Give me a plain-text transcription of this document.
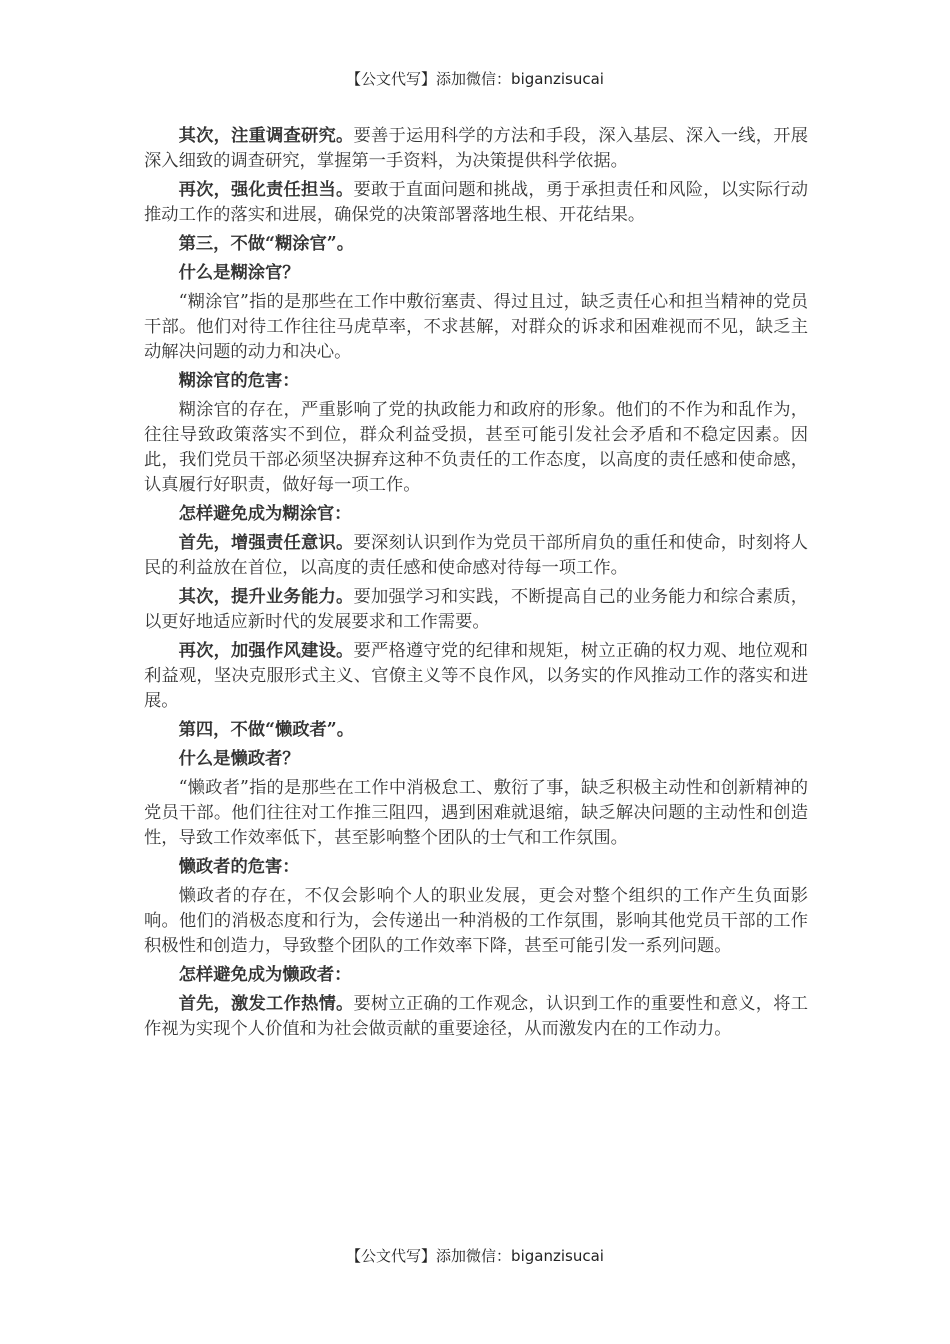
【公文代写】添加微信：biganzisucai

其次，注重调查研究。要善于运用科学的方法和手段，深入基层、深入一线，开展深入细致的调查研究，掌握第一手资料，为决策提供科学依据。

再次，强化责任担当。要敢于直面问题和挑战，勇于承担责任和风险，以实际行动推动工作的落实和进展，确保党的决策部署落地生根、开花结果。

第三，不做“糊涂官”。

什么是糊涂官？

“糊涂官”指的是那些在工作中敷衍塞责、得过且过，缺乏责任心和担当精神的党员干部。他们对待工作往往马虎草率，不求甚解，对群众的诉求和困难视而不见，缺乏主动解决问题的动力和决心。

糊涂官的危害：

糊涂官的存在，严重影响了党的执政能力和政府的形象。他们的不作为和乱作为，往往导致政策落实不到位，群众利益受损，甚至可能引发社会矛盾和不稳定因素。因此，我们党员干部必须坚决摒弃这种不负责任的工作态度，以高度的责任感和使命感，认真履行好职责，做好每一项工作。

怎样避免成为糊涂官：

首先，增强责任意识。要深刻认识到作为党员干部所肩负的重任和使命，时刻将人民的利益放在首位，以高度的责任感和使命感对待每一项工作。

其次，提升业务能力。要加强学习和实践，不断提高自己的业务能力和综合素质，以更好地适应新时代的发展要求和工作需要。

再次，加强作风建设。要严格遵守党的纪律和规矩，树立正确的权力观、地位观和利益观，坚决克服形式主义、官僚主义等不良作风，以务实的作风推动工作的落实和进展。

第四，不做“懒政者”。

什么是懒政者？

“懒政者”指的是那些在工作中消极怠工、敷衍了事，缺乏积极主动性和创新精神的党员干部。他们往往对工作推三阻四，遇到困难就退缩，缺乏解决问题的主动性和创造性，导致工作效率低下，甚至影响整个团队的士气和工作氛围。

懒政者的危害：

懒政者的存在，不仅会影响个人的职业发展，更会对整个组织的工作产生负面影响。他们的消极态度和行为，会传递出一种消极的工作氛围，影响其他党员干部的工作积极性和创造力，导致整个团队的工作效率下降，甚至可能引发一系列问题。

怎样避免成为懒政者：

首先，激发工作热情。要树立正确的工作观念，认识到工作的重要性和意义，将工作视为实现个人价值和为社会做贡献的重要途径，从而激发内在的工作动力。

【公文代写】添加微信：biganzisucai
